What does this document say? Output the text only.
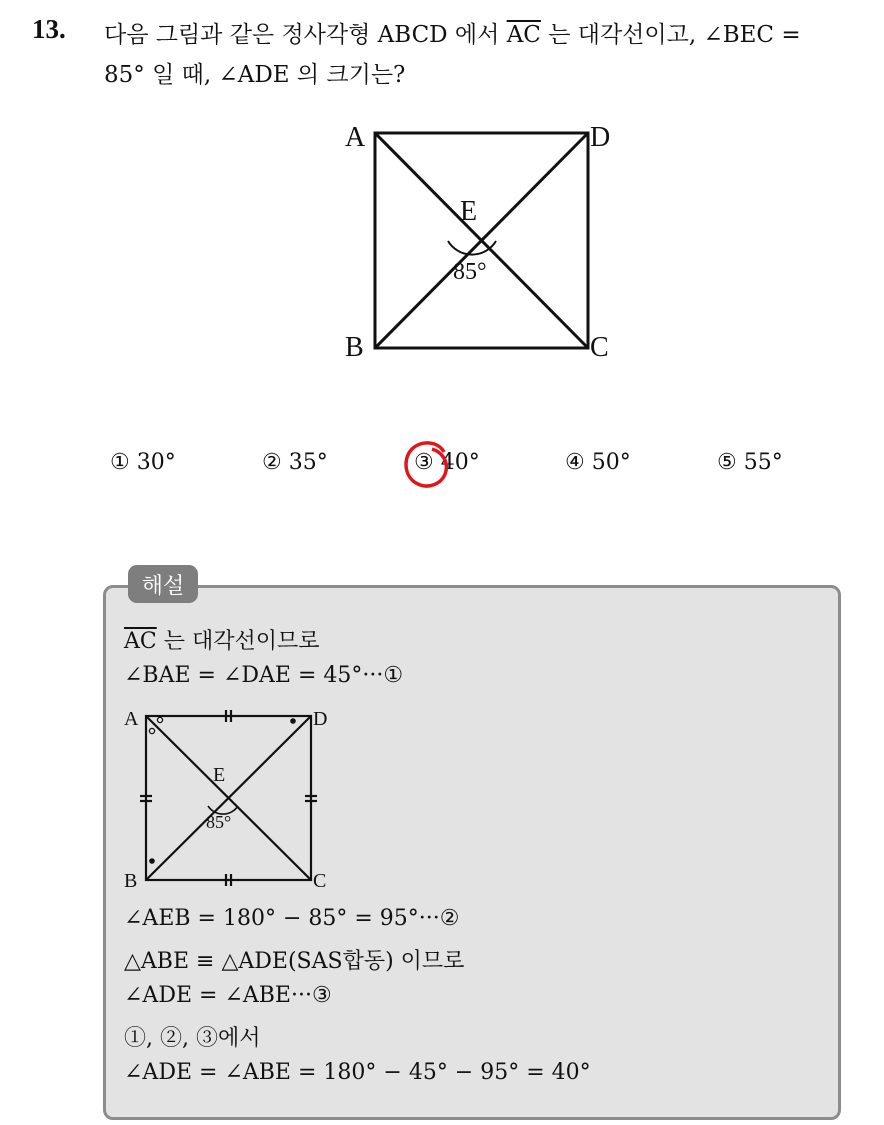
13. 다음 그림과 같은 정사각형 ABCD 에서 $\overline{AC}$ 는 대각선이고, ∠BEC =
85° 일 때, ∠ADE 의 크기는?
A	D
E
B	C
85°
① 30°	② 35°	③ 40°	④ 50°	⑤ 55°
해설
$\overline{AC}$ 는 대각선이므로
∠BAE = ∠DAE = 45°···①
A	D
E
B	C
85°
∠AEB = 180° − 85° = 95°···②
△ABE ≡ △ADE(SAS합동) 이므로
∠ADE = ∠ABE···③
①, ②, ③에서
∠ADE = ∠ABE = 180° − 45° − 95° = 40°
